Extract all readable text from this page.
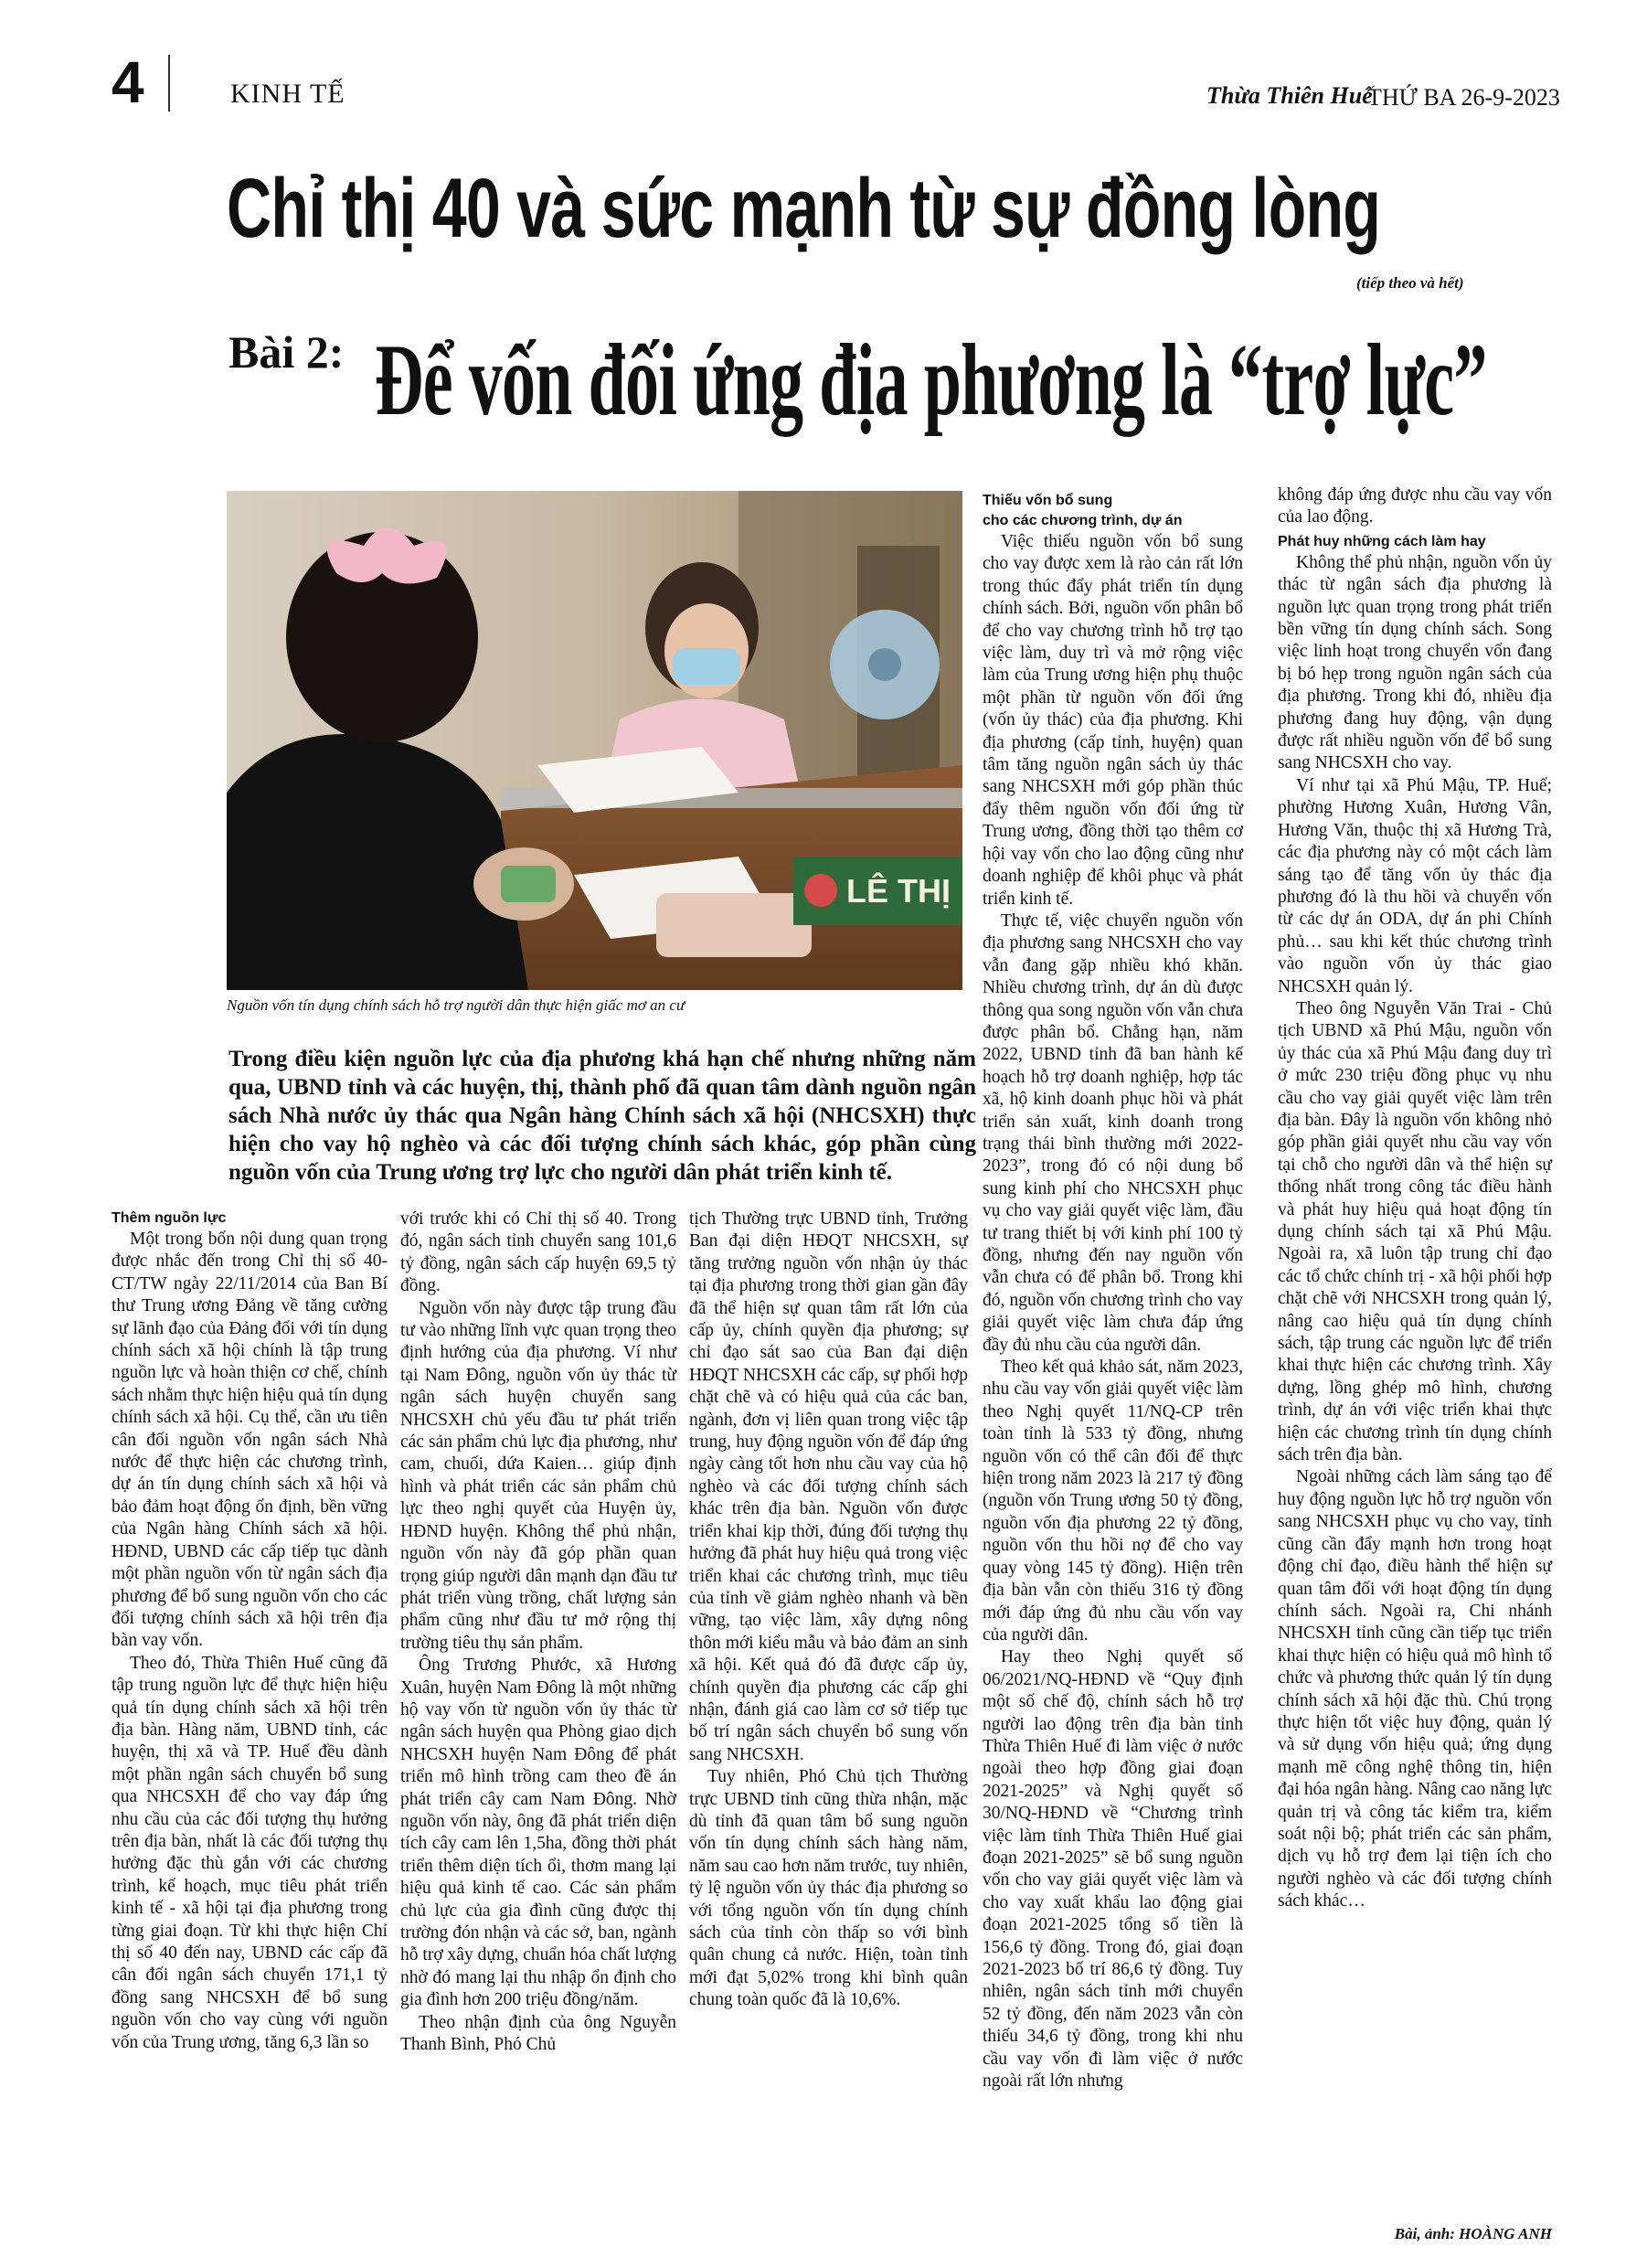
4	KINH TẾ	Thừa Thiên Huế
THỨ BA 26-9-2023
Chỉ thị 40 và sức mạnh từ sự đồng lòng
(tiếp theo và hết)
Bài 2: Để vốn đối ứng địa phương là “trợ lực”
LÊ THỊ
Nguồn vốn tín dụng chính sách hỗ trợ người dân thực hiện giấc mơ an cư
Trong điều kiện nguồn lực của địa phương khá hạn chế nhưng những năm qua, UBND tỉnh và các huyện, thị, thành phố đã quan tâm dành nguồn ngân sách Nhà nước ủy thác qua Ngân hàng Chính sách xã hội (NHCSXH) thực hiện cho vay hộ nghèo và các đối tượng chính sách khác, góp phần cùng nguồn vốn của Trung ương trợ lực cho người dân phát triển kinh tế.

Thêm nguồn lực

Một trong bốn nội dung quan trọng được nhắc đến trong Chỉ thị số 40-CT/TW ngày 22/11/2014 của Ban Bí thư Trung ương Đảng về tăng cường sự lãnh đạo của Đảng đối với tín dụng chính sách xã hội chính là tập trung nguồn lực và hoàn thiện cơ chế, chính sách nhằm thực hiện hiệu quả tín dụng chính sách xã hội. Cụ thể, cần ưu tiên cân đối nguồn vốn ngân sách Nhà nước để thực hiện các chương trình, dự án tín dụng chính sách xã hội và bảo đảm hoạt động ổn định, bền vững của Ngân hàng Chính sách xã hội. HĐND, UBND các cấp tiếp tục dành một phần nguồn vốn từ ngân sách địa phương để bổ sung nguồn vốn cho các đối tượng chính sách xã hội trên địa bàn vay vốn.

Theo đó, Thừa Thiên Huế cũng đã tập trung nguồn lực để thực hiện hiệu quả tín dụng chính sách xã hội trên địa bàn. Hàng năm, UBND tỉnh, các huyện, thị xã và TP. Huế đều dành một phần ngân sách chuyển bổ sung qua NHCSXH để cho vay đáp ứng nhu cầu của các đối tượng thụ hưởng trên địa bàn, nhất là các đối tượng thụ hưởng đặc thù gắn với các chương trình, kế hoạch, mục tiêu phát triển kinh tế - xã hội tại địa phương trong từng giai đoạn. Từ khi thực hiện Chỉ thị số 40 đến nay, UBND các cấp đã cân đối ngân sách chuyển 171,1 tỷ đồng sang NHCSXH để bổ sung nguồn vốn cho vay cùng với nguồn vốn của Trung ương, tăng 6,3 lần so

với trước khi có Chỉ thị số 40. Trong đó, ngân sách tỉnh chuyển sang 101,6 tỷ đồng, ngân sách cấp huyện 69,5 tỷ đồng.

Nguồn vốn này được tập trung đầu tư vào những lĩnh vực quan trọng theo định hướng của địa phương. Ví như tại Nam Đông, nguồn vốn ủy thác từ ngân sách huyện chuyển sang NHCSXH chủ yếu đầu tư phát triển các sản phẩm chủ lực địa phương, như cam, chuối, dứa Kaien… giúp định hình và phát triển các sản phẩm chủ lực theo nghị quyết của Huyện ủy, HĐND huyện. Không thể phủ nhận, nguồn vốn này đã góp phần quan trọng giúp người dân mạnh dạn đầu tư phát triển vùng trồng, chất lượng sản phẩm cũng như đầu tư mở rộng thị trường tiêu thụ sản phẩm.

Ông Trương Phước, xã Hương Xuân, huyện Nam Đông là một những hộ vay vốn từ nguồn vốn ủy thác từ ngân sách huyện qua Phòng giao dịch NHCSXH huyện Nam Đông để phát triển mô hình trồng cam theo đề án phát triển cây cam Nam Đông. Nhờ nguồn vốn này, ông đã phát triển diện tích cây cam lên 1,5ha, đồng thời phát triển thêm diện tích ổi, thơm mang lại hiệu quả kinh tế cao. Các sản phẩm chủ lực của gia đình cũng được thị trường đón nhận và các sở, ban, ngành hỗ trợ xây dựng, chuẩn hóa chất lượng nhờ đó mang lại thu nhập ổn định cho gia đình hơn 200 triệu đồng/năm.

Theo nhận định của ông Nguyễn Thanh Bình, Phó Chủ

tịch Thường trực UBND tỉnh, Trưởng Ban đại diện HĐQT NHCSXH, sự tăng trưởng nguồn vốn nhận ủy thác tại địa phương trong thời gian gần đây đã thể hiện sự quan tâm rất lớn của cấp ủy, chính quyền địa phương; sự chỉ đạo sát sao của Ban đại diện HĐQT NHCSXH các cấp, sự phối hợp chặt chẽ và có hiệu quả của các ban, ngành, đơn vị liên quan trong việc tập trung, huy động nguồn vốn để đáp ứng ngày càng tốt hơn nhu cầu vay của hộ nghèo và các đối tượng chính sách khác trên địa bàn. Nguồn vốn được triển khai kịp thời, đúng đối tượng thụ hưởng đã phát huy hiệu quả trong việc triển khai các chương trình, mục tiêu của tỉnh về giảm nghèo nhanh và bền vững, tạo việc làm, xây dựng nông thôn mới kiểu mẫu và bảo đảm an sinh xã hội. Kết quả đó đã được cấp ủy, chính quyền địa phương các cấp ghi nhận, đánh giá cao làm cơ sở tiếp tục bố trí ngân sách chuyển bổ sung vốn sang NHCSXH.

Tuy nhiên, Phó Chủ tịch Thường trực UBND tỉnh cũng thừa nhận, mặc dù tỉnh đã quan tâm bổ sung nguồn vốn tín dụng chính sách hàng năm, năm sau cao hơn năm trước, tuy nhiên, tỷ lệ nguồn vốn ủy thác địa phương so với tổng nguồn vốn tín dụng chính sách của tỉnh còn thấp so với bình quân chung cả nước. Hiện, toàn tỉnh mới đạt 5,02% trong khi bình quân chung toàn quốc đã là 10,6%.

Thiếu vốn bổ sung

cho các chương trình, dự án

Việc thiếu nguồn vốn bổ sung cho vay được xem là rào cản rất lớn trong thúc đẩy phát triển tín dụng chính sách. Bởi, nguồn vốn phân bổ để cho vay chương trình hỗ trợ tạo việc làm, duy trì và mở rộng việc làm của Trung ương hiện phụ thuộc một phần từ nguồn vốn đối ứng (vốn ủy thác) của địa phương. Khi địa phương (cấp tỉnh, huyện) quan tâm tăng nguồn ngân sách ủy thác sang NHCSXH mới góp phần thúc đẩy thêm nguồn vốn đối ứng từ Trung ương, đồng thời tạo thêm cơ hội vay vốn cho lao động cũng như doanh nghiệp để khôi phục và phát triển kinh tế.

Thực tế, việc chuyển nguồn vốn địa phương sang NHCSXH cho vay vẫn đang gặp nhiều khó khăn. Nhiều chương trình, dự án dù được thông qua song nguồn vốn vẫn chưa được phân bổ. Chẳng hạn, năm 2022, UBND tỉnh đã ban hành kế hoạch hỗ trợ doanh nghiệp, hợp tác xã, hộ kinh doanh phục hồi và phát triển sản xuất, kinh doanh trong trạng thái bình thường mới 2022-2023”, trong đó có nội dung bổ sung kinh phí cho NHCSXH phục vụ cho vay giải quyết việc làm, đầu tư trang thiết bị với kinh phí 100 tỷ đồng, nhưng đến nay nguồn vốn vẫn chưa có để phân bổ. Trong khi đó, nguồn vốn chương trình cho vay giải quyết việc làm chưa đáp ứng đầy đủ nhu cầu của người dân.

Theo kết quả khảo sát, năm 2023, nhu cầu vay vốn giải quyết việc làm theo Nghị quyết 11/NQ-CP trên toàn tỉnh là 533 tỷ đồng, nhưng nguồn vốn có thể cân đối để thực hiện trong năm 2023 là 217 tỷ đồng (nguồn vốn Trung ương 50 tỷ đồng, nguồn vốn địa phương 22 tỷ đồng, nguồn vốn thu hồi nợ để cho vay quay vòng 145 tỷ đồng). Hiện trên địa bàn vẫn còn thiếu 316 tỷ đồng mới đáp ứng đủ nhu cầu vốn vay của người dân.

Hay theo Nghị quyết số 06/2021/NQ-HĐND về “Quy định một số chế độ, chính sách hỗ trợ người lao động trên địa bàn tỉnh Thừa Thiên Huế đi làm việc ở nước ngoài theo hợp đồng giai đoạn 2021-2025” và Nghị quyết số 30/NQ-HĐND về “Chương trình việc làm tỉnh Thừa Thiên Huế giai đoạn 2021-2025” sẽ bổ sung nguồn vốn cho vay giải quyết việc làm và cho vay xuất khẩu lao động giai đoạn 2021-2025 tổng số tiền là 156,6 tỷ đồng. Trong đó, giai đoạn 2021-2023 bố trí 86,6 tỷ đồng. Tuy nhiên, ngân sách tỉnh mới chuyển 52 tỷ đồng, đến năm 2023 vẫn còn thiếu 34,6 tỷ đồng, trong khi nhu cầu vay vốn đi làm việc ở nước ngoài rất lớn nhưng

không đáp ứng được nhu cầu vay vốn của lao động.

Phát huy những cách làm hay

Không thể phủ nhận, nguồn vốn ủy thác từ ngân sách địa phương là nguồn lực quan trọng trong phát triển bền vững tín dụng chính sách. Song việc linh hoạt trong chuyển vốn đang bị bó hẹp trong nguồn ngân sách của địa phương. Trong khi đó, nhiều địa phương đang huy động, vận dụng được rất nhiều nguồn vốn để bổ sung sang NHCSXH cho vay.

Ví như tại xã Phú Mậu, TP. Huế; phường Hương Xuân, Hương Vân, Hương Văn, thuộc thị xã Hương Trà, các địa phương này có một cách làm sáng tạo để tăng vốn ủy thác địa phương đó là thu hồi và chuyển vốn từ các dự án ODA, dự án phi Chính phủ… sau khi kết thúc chương trình vào nguồn vốn ủy thác giao NHCSXH quản lý.

Theo ông Nguyễn Văn Trai - Chủ tịch UBND xã Phú Mậu, nguồn vốn ủy thác của xã Phú Mậu đang duy trì ở mức 230 triệu đồng phục vụ nhu cầu cho vay giải quyết việc làm trên địa bàn. Đây là nguồn vốn không nhỏ góp phần giải quyết nhu cầu vay vốn tại chỗ cho người dân và thể hiện sự thống nhất trong công tác điều hành và phát huy hiệu quả hoạt động tín dụng chính sách tại xã Phú Mậu. Ngoài ra, xã luôn tập trung chỉ đạo các tổ chức chính trị - xã hội phối hợp chặt chẽ với NHCSXH trong quản lý, nâng cao hiệu quả tín dụng chính sách, tập trung các nguồn lực để triển khai thực hiện các chương trình. Xây dựng, lồng ghép mô hình, chương trình, dự án với việc triển khai thực hiện các chương trình tín dụng chính sách trên địa bàn.

Ngoài những cách làm sáng tạo để huy động nguồn lực hỗ trợ nguồn vốn sang NHCSXH phục vụ cho vay, tỉnh cũng cần đẩy mạnh hơn trong hoạt động chỉ đạo, điều hành thể hiện sự quan tâm đối với hoạt động tín dụng chính sách. Ngoài ra, Chi nhánh NHCSXH tỉnh cũng cần tiếp tục triển khai thực hiện có hiệu quả mô hình tổ chức và phương thức quản lý tín dụng chính sách xã hội đặc thù. Chú trọng thực hiện tốt việc huy động, quản lý và sử dụng vốn hiệu quả; ứng dụng mạnh mẽ công nghệ thông tin, hiện đại hóa ngân hàng. Nâng cao năng lực quản trị và công tác kiểm tra, kiểm soát nội bộ; phát triển các sản phẩm, dịch vụ hỗ trợ đem lại tiện ích cho người nghèo và các đối tượng chính sách khác…

Bài, ảnh: HOÀNG ANH
